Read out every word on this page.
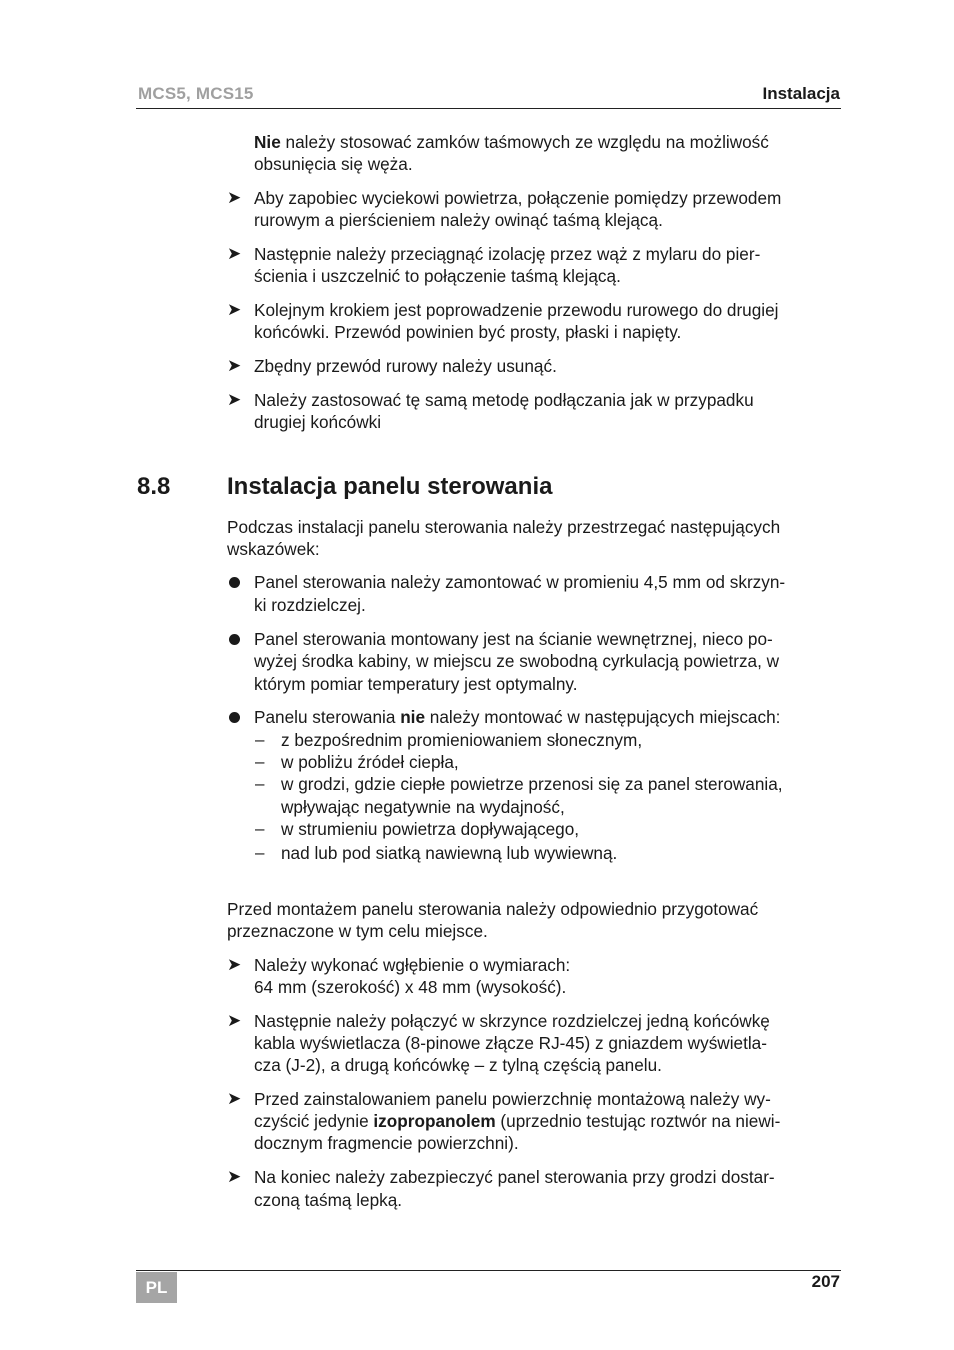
MCS5, MCS15	Instalacja
Nie należy stosować zamków taśmowych ze względu na możliwość
obsunięcia się węża.
➤ Aby zapobiec wyciekowi powietrza, połączenie pomiędzy przewodem
rurowym a pierścieniem należy owinąć taśmą klejącą.
➤ Następnie należy przeciągnąć izolację przez wąż z mylaru do pier-
ścienia i uszczelnić to połączenie taśmą klejącą.
➤ Kolejnym krokiem jest poprowadzenie przewodu rurowego do drugiej
końcówki. Przewód powinien być prosty, płaski i napięty.
➤ Zbędny przewód rurowy należy usunąć.
➤ Należy zastosować tę samą metodę podłączania jak w przypadku
drugiej końcówki
8.8 Instalacja panelu sterowania
Podczas instalacji panelu sterowania należy przestrzegać następujących
wskazówek:
Panel sterowania należy zamontować w promieniu 4,5 mm od skrzyn-
ki rozdzielczej.
Panel sterowania montowany jest na ścianie wewnętrznej, nieco po-
wyżej środka kabiny, w miejscu ze swobodną cyrkulacją powietrza, w
którym pomiar temperatury jest optymalny.
Panelu sterowania nie należy montować w następujących miejscach:
– z bezpośrednim promieniowaniem słonecznym,
– w pobliżu źródeł ciepła,
– w grodzi, gdzie ciepłe powietrze przenosi się za panel sterowania,
wpływając negatywnie na wydajność,
– w strumieniu powietrza dopływającego,
– nad lub pod siatką nawiewną lub wywiewną.
Przed montażem panelu sterowania należy odpowiednio przygotować
przeznaczone w tym celu miejsce.
➤ Należy wykonać wgłębienie o wymiarach:
64 mm (szerokość) x 48 mm (wysokość).
➤ Następnie należy połączyć w skrzynce rozdzielczej jedną końcówkę
kabla wyświetlacza (8-pinowe złącze RJ-45) z gniazdem wyświetla-
cza (J-2), a drugą końcówkę – z tylną częścią panelu.
➤ Przed zainstalowaniem panelu powierzchnię montażową należy wy-
czyścić jedynie izopropanolem (uprzednio testując roztwór na niewi-
docznym fragmencie powierzchni).
➤ Na koniec należy zabezpieczyć panel sterowania przy grodzi dostar-
czoną taśmą lepką.
PL	207
